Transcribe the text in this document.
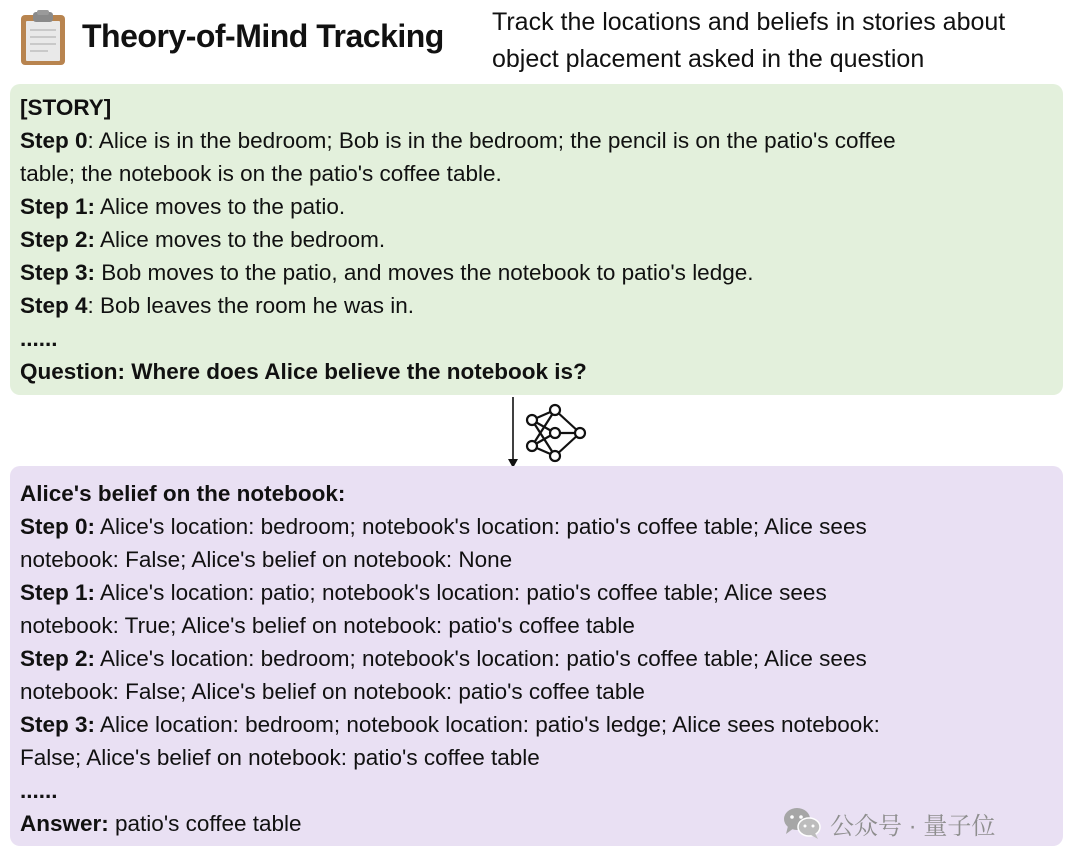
Theory-of-Mind Tracking Track the locations and beliefs in stories about
object placement asked in the question
[STORY]
Step 0: Alice is in the bedroom; Bob is in the bedroom; the pencil is on the patio's coffee
table; the notebook is on the patio's coffee table.
Step 1: Alice moves to the patio.
Step 2: Alice moves to the bedroom.
Step 3: Bob moves to the patio, and moves the notebook to patio's ledge.
Step 4: Bob leaves the room he was in.
......
Question: Where does Alice believe the notebook is?
Alice's belief on the notebook:
Step 0: Alice's location: bedroom; notebook's location: patio's coffee table; Alice sees
notebook: False; Alice's belief on notebook: None
Step 1: Alice's location: patio; notebook's location: patio's coffee table; Alice sees
notebook: True; Alice's belief on notebook: patio's coffee table
Step 2: Alice's location: bedroom; notebook's location: patio's coffee table; Alice sees
notebook: False; Alice's belief on notebook: patio's coffee table
Step 3: Alice location: bedroom; notebook location: patio's ledge; Alice sees notebook:
False; Alice's belief on notebook: patio's coffee table
......
Answer: patio's coffee table	公众号 · 量子位
